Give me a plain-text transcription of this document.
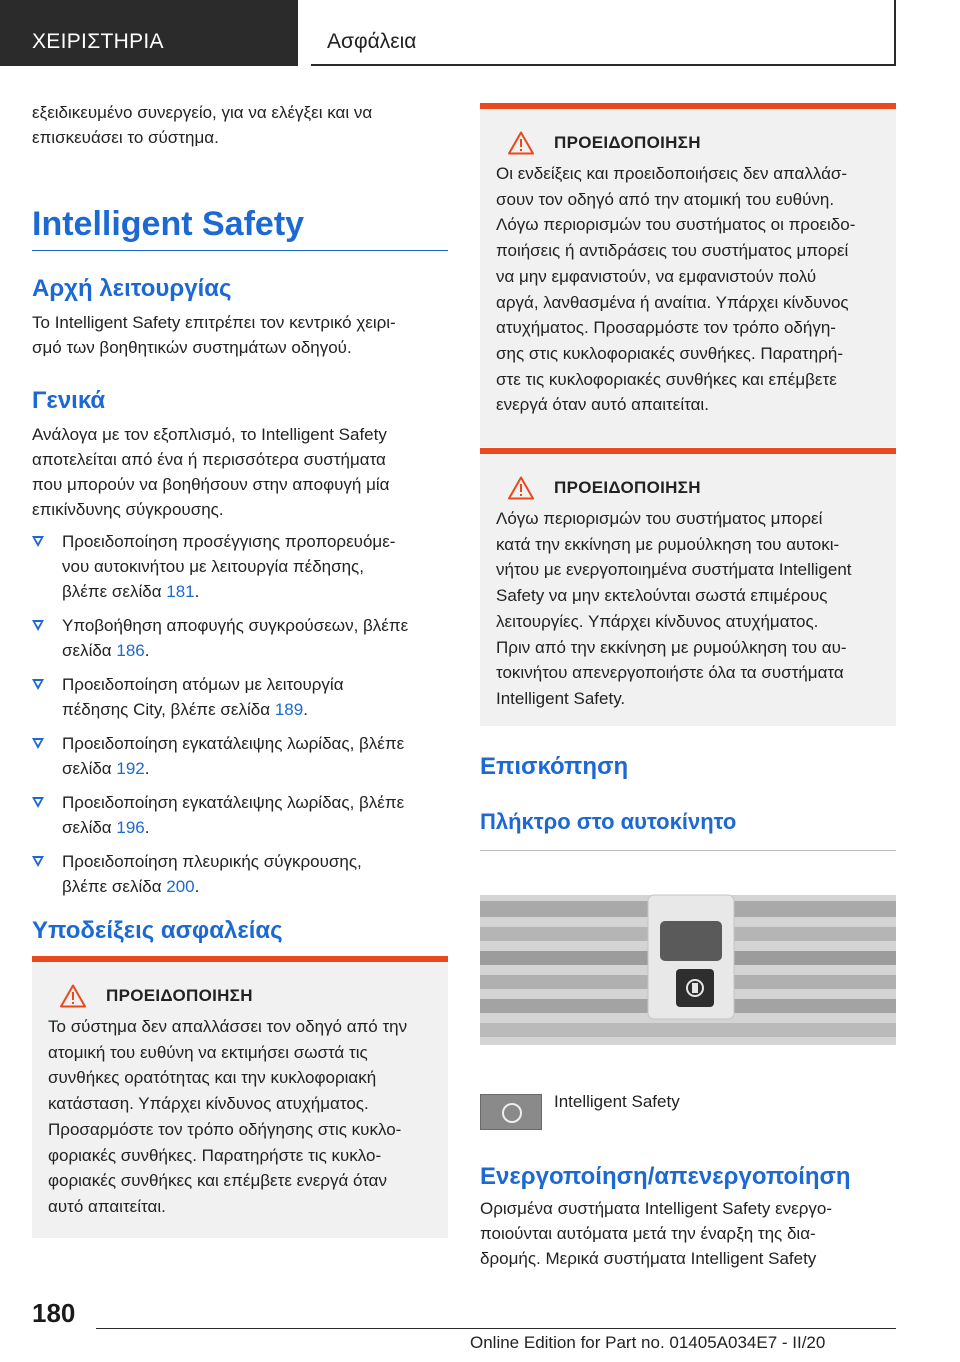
ΧΕΙΡΙΣΤΗΡΙΑ	Ασφάλεια
εξειδικευμένο συνεργείο, για να ελέγξει και να
επισκευάσει το σύστημα.
Intelligent Safety
Αρχή λειτουργίας
Το Intelligent Safety επιτρέπει τον κεντρικό χειρι-
σμό των βοηθητικών συστημάτων οδηγού.
Γενικά
Ανάλογα με τον εξοπλισμό, το Intelligent Safety
αποτελείται από ένα ή περισσότερα συστήματα
που μπορούν να βοηθήσουν στην αποφυγή μία
επικίνδυνης σύγκρουσης.
Προειδοποίηση προσέγγισης προπορευόμε-
νου αυτοκινήτου με λειτουργία πέδησης,
βλέπε σελίδα 181.
Υποβοήθηση αποφυγής συγκρούσεων, βλέπε
σελίδα 186.
Προειδοποίηση ατόμων με λειτουργία
πέδησης City, βλέπε σελίδα 189.
Προειδοποίηση εγκατάλειψης λωρίδας, βλέπε
σελίδα 192.
Προειδοποίηση εγκατάλειψης λωρίδας, βλέπε
σελίδα 196.
Προειδοποίηση πλευρικής σύγκρουσης,
βλέπε σελίδα 200.
Υποδείξεις ασφαλείας
ΠΡΟΕΙΔΟΠΟΙΗΣΗ
Το σύστημα δεν απαλλάσσει τον οδηγό από την
ατομική του ευθύνη να εκτιμήσει σωστά τις
συνθήκες ορατότητας και την κυκλοφοριακή
κατάσταση. Υπάρχει κίνδυνος ατυχήματος.
Προσαρμόστε τον τρόπο οδήγησης στις κυκλο-
φοριακές συνθήκες. Παρατηρήστε τις κυκλο-
φοριακές συνθήκες και επέμβετε ενεργά όταν
αυτό απαιτείται.
ΠΡΟΕΙΔΟΠΟΙΗΣΗ
Οι ενδείξεις και προειδοποιήσεις δεν απαλλάσ-
σουν τον οδηγό από την ατομική του ευθύνη.
Λόγω περιορισμών του συστήματος οι προειδο-
ποιήσεις ή αντιδράσεις του συστήματος μπορεί
να μην εμφανιστούν, να εμφανιστούν πολύ
αργά, λανθασμένα ή αναίτια. Υπάρχει κίνδυνος
ατυχήματος. Προσαρμόστε τον τρόπο οδήγη-
σης στις κυκλοφοριακές συνθήκες. Παρατηρή-
στε τις κυκλοφοριακές συνθήκες και επέμβετε
ενεργά όταν αυτό απαιτείται.
ΠΡΟΕΙΔΟΠΟΙΗΣΗ
Λόγω περιορισμών του συστήματος μπορεί
κατά την εκκίνηση με ρυμούλκηση του αυτοκι-
νήτου με ενεργοποιημένα συστήματα Intelligent
Safety να μην εκτελούνται σωστά επιμέρους
λειτουργίες. Υπάρχει κίνδυνος ατυχήματος.
Πριν από την εκκίνηση με ρυμούλκηση του αυ-
τοκινήτου απενεργοποιήστε όλα τα συστήματα
Intelligent Safety.
Επισκόπηση
Πλήκτρο στο αυτοκίνητο
Intelligent Safety
Ενεργοποίηση/απενεργοποίηση
Ορισμένα συστήματα Intelligent Safety ενεργο-
ποιούνται αυτόματα μετά την έναρξη της δια-
δρομής. Μερικά συστήματα Intelligent Safety
180
Online Edition for Part no. 01405A034E7 - II/20
